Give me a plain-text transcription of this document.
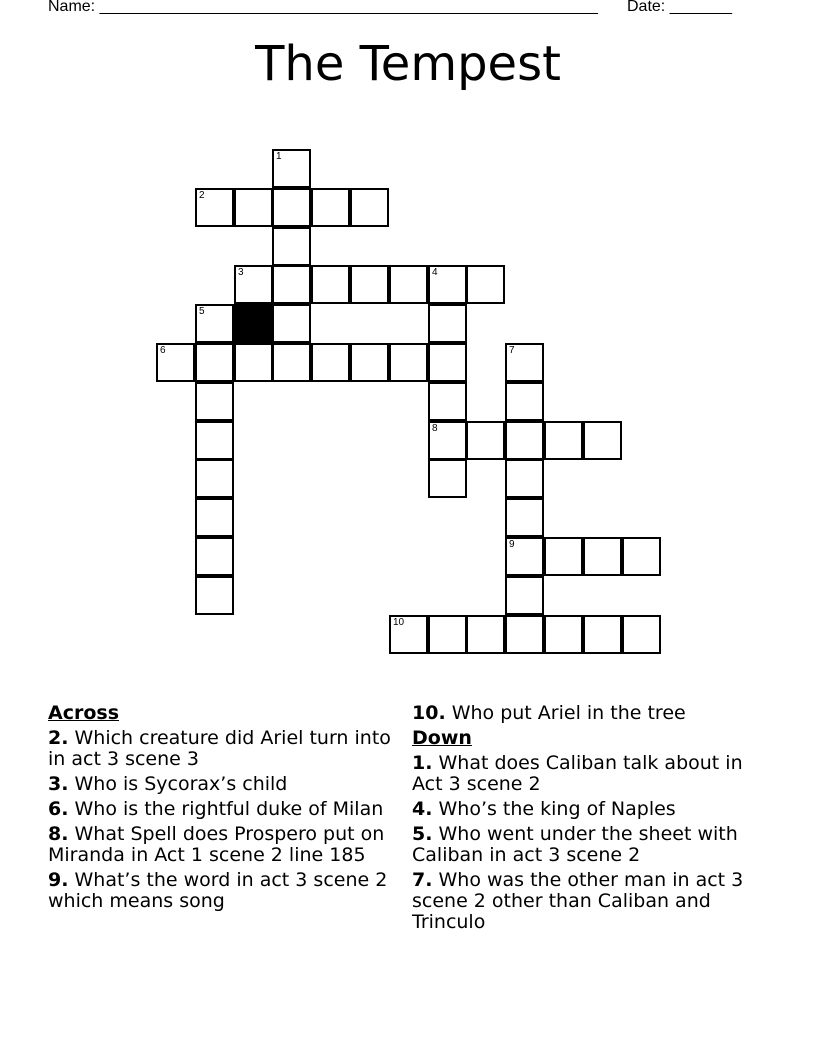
Name: ________________________________________________________ Date: _______
The Tempest
1
2
3	4
8
5
6	7
9
10
Across
2. Which creature did Ariel turn into in act 3 scene 3
3. Who is Sycorax’s child
6. Who is the rightful duke of Milan
8. What Spell does Prospero put on Miranda in Act 1 scene 2 line 185
9. What’s the word in act 3 scene 2 which means song
10. Who put Ariel in the tree
Down
1. What does Caliban talk about in Act 3 scene 2
4. Who’s the king of Naples
5. Who went under the sheet with Caliban in act 3 scene 2
7. Who was the other man in act 3 scene 2 other than Caliban and Trinculo
